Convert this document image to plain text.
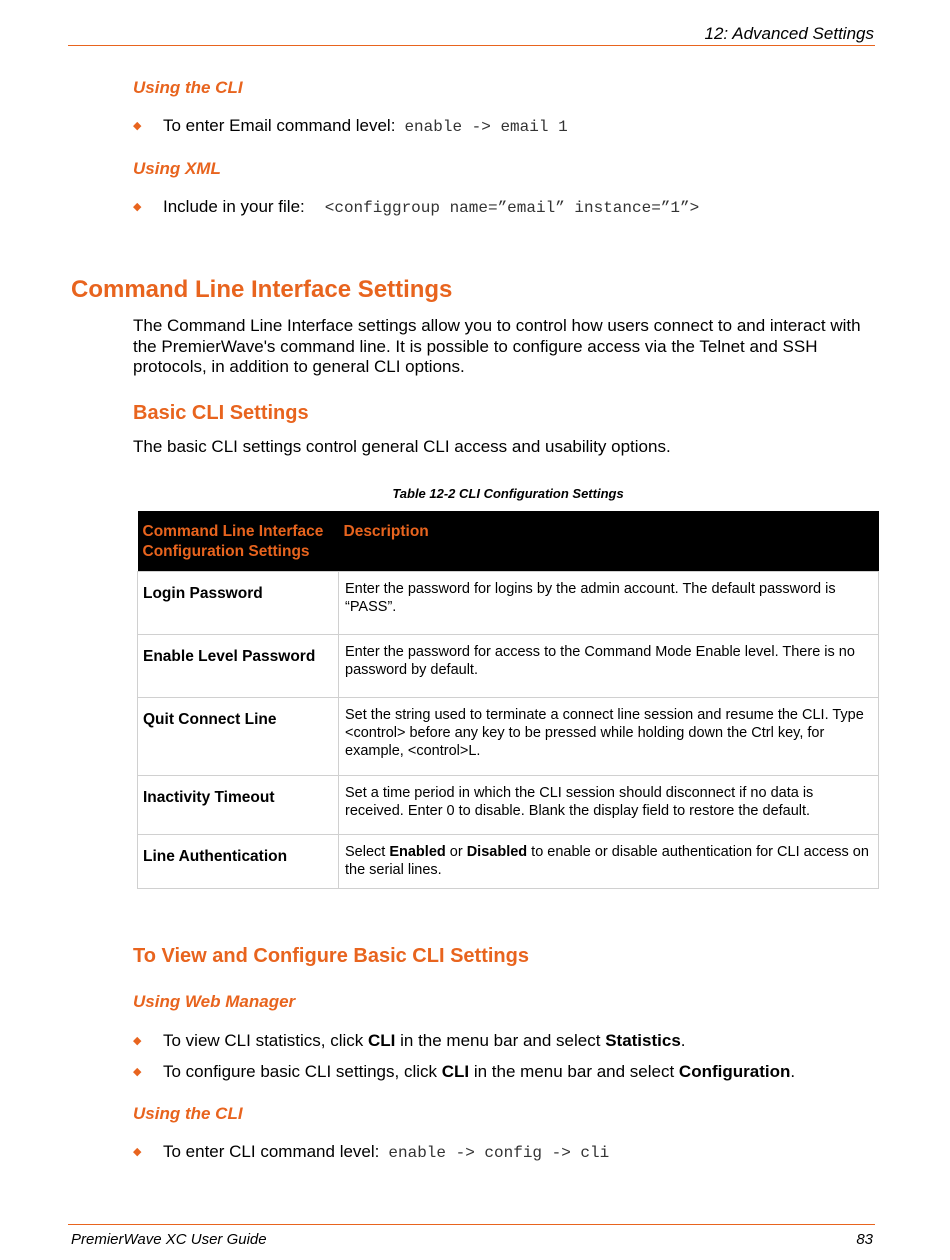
12: Advanced Settings
Using the CLI
◆	To enter Email command level: enable -> email 1
Using XML
◆	Include in your file: <configgroup name=”email” instance=”1”>
Command Line Interface Settings
The Command Line Interface settings allow you to control how users connect to and interact with the PremierWave's command line. It is possible to configure access via the Telnet and SSH protocols, in addition to general CLI options.
Basic CLI Settings
The basic CLI settings control general CLI access and usability options.
Table 12-2 CLI Configuration Settings
Command Line Interface Configuration Settings	Description

Login Password	Enter the password for logins by the admin account. The default password is “PASS”.

Enable Level Password	Enter the password for access to the Command Mode Enable level. There is no password by default.

Quit Connect Line	Set the string used to terminate a connect line session and resume the CLI. Type <control> before any key to be pressed while holding down the Ctrl key, for example, <control>L.

Inactivity Timeout	Set a time period in which the CLI session should disconnect if no data is received. Enter 0 to disable. Blank the display field to restore the default.

Line Authentication	Select Enabled or Disabled to enable or disable authentication for CLI access on the serial lines.
To View and Configure Basic CLI Settings
Using Web Manager
◆	To view CLI statistics, click CLI in the menu bar and select Statistics.
◆	To configure basic CLI settings, click CLI in the menu bar and select Configuration.
Using the CLI
◆	To enter CLI command level: enable -> config -> cli
PremierWave XC User Guide	83
